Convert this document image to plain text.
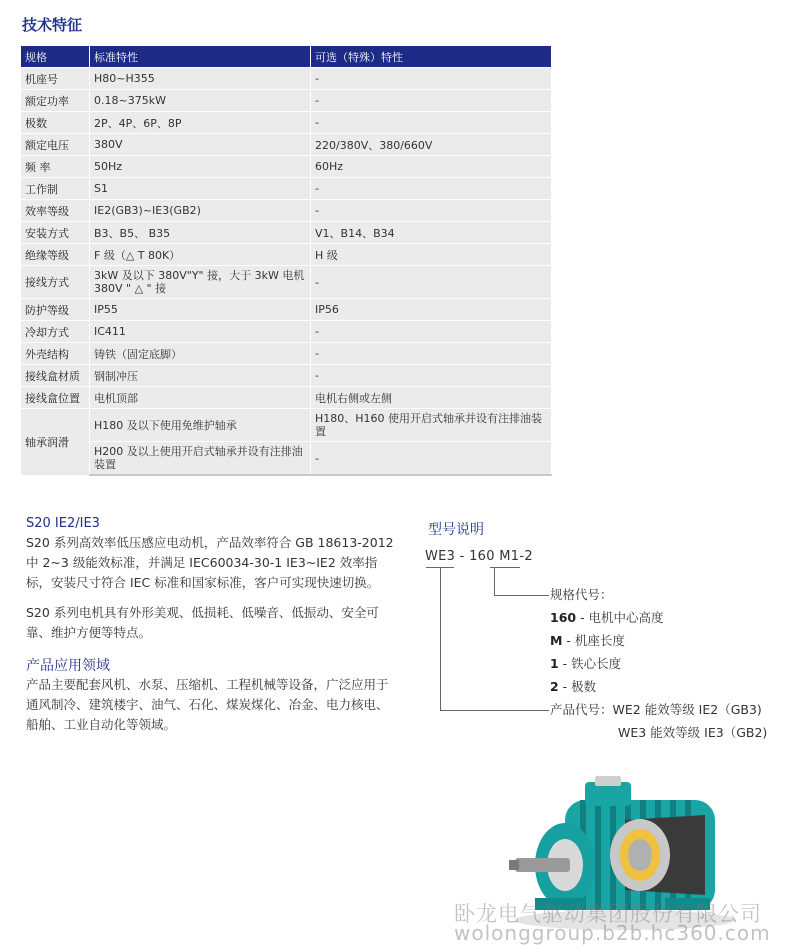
技术特征
规格	标准特性	可选（特殊）特性
机座号	H80~H355	-
额定功率	0.18~375kW	-
极数	2P、4P、6P、8P	-
额定电压	380V	220/380V、380/660V
频 率	50Hz	60Hz
工作制	S1	-
效率等级	IE2(GB3)~IE3(GB2)	-
安装方式	B3、B5、 B35	V1、B14、B34
绝缘等级	F 级（△ T 80K）	H 级
接线方式	3kW 及以下 380V"Y" 接，大于 3kW 电机 380V " △ " 接	-
防护等级	IP55	IP56
冷却方式	IC411	-
外壳结构	铸铁（固定底脚）	-
接线盒材质	钢制冲压	-
接线盒位置	电机顶部	电机右侧或左侧
轴承润滑	H180 及以下使用免维护轴承	H180、H160 使用开启式轴承并设有注排油装置
	H200 及以上使用开启式轴承并设有注排油装置	-
S20 IE2/IE3

S20 系列高效率低压感应电动机，产品效率符合 GB 18613-2012 中 2~3 级能效标准，并满足 IEC60034-30-1 IE3~IE2 效率指标，安装尺寸符合 IEC 标准和国家标准，客户可实现快速切换。

S20 系列电机具有外形美观、低损耗、低噪音、低振动、安全可靠、维护方便等特点。

产品应用领域

产品主要配套风机、水泵、压缩机、工程机械等设备，广泛应用于通风制冷、建筑楼宇、油气、石化、煤炭煤化、冶金、电力核电、船舶、工业自动化等领域。

型号说明
WE3 - 160 M1-2
规格代号：
160 - 电机中心高度
M - 机座长度
1 - 铁心长度
2 - 极数
产品代号：WE2 能效等级 IE2（GB3)
WE3 能效等级 IE3（GB2)
卧龙电气驱动集团股份有限公司
wolonggroup.b2b.hc360.com
